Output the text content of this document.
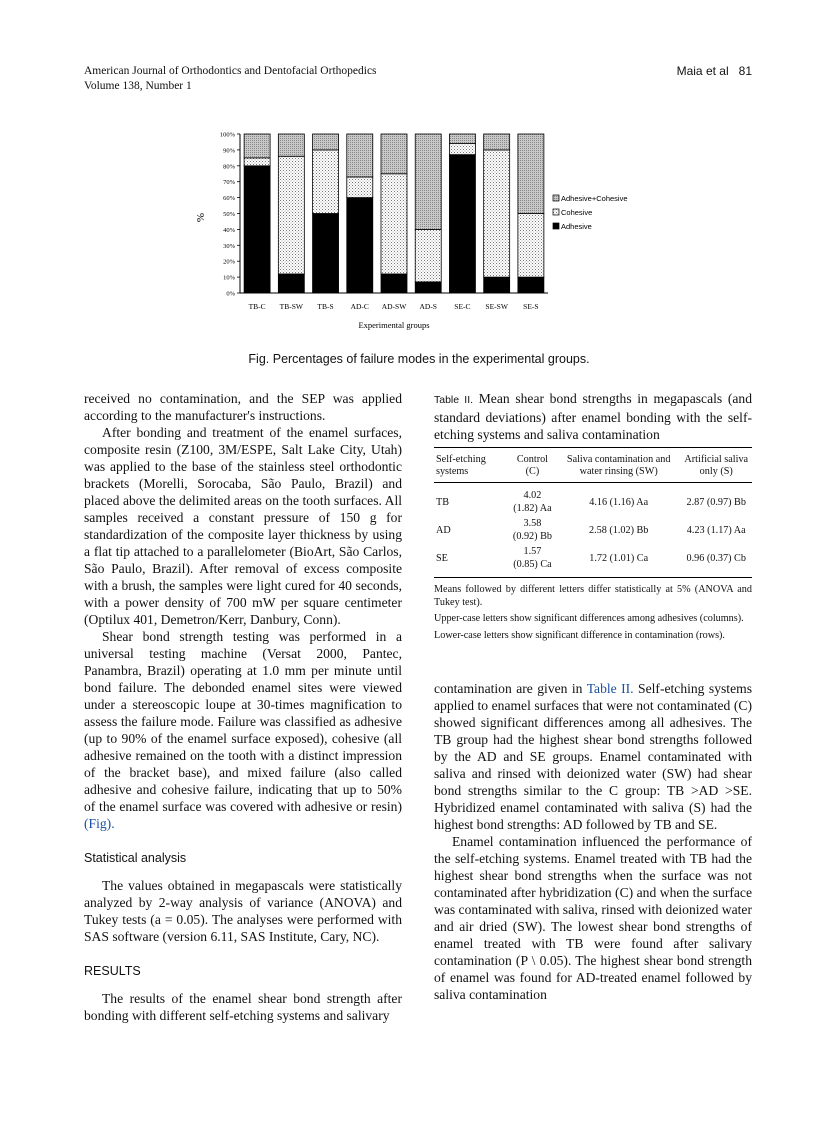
American Journal of Orthodontics and Dentofacial Orthopedics
Volume 138, Number 1
Maia et al 81
0%
10%
20%
30%
40%
50%
60%
70%
80%
90%
100%
%
TB-C TB-SW TB-S AD-C AD-SW AD-S SE-C SE-SW SE-S
Experimental groups
Adhesive+Cohesive
Cohesive
Adhesive
Fig. Percentages of failure modes in the experimental groups.

received no contamination, and the SEP was applied according to the manufacturer's instructions.

After bonding and treatment of the enamel surfaces, composite resin (Z100, 3M/ESPE, Salt Lake City, Utah) was applied to the base of the stainless steel orthodontic brackets (Morelli, Sorocaba, São Paulo, Brazil) and placed above the delimited areas on the tooth surfaces. All samples received a constant pressure of 150 g for standardization of the composite layer thickness by using a flat tip attached to a parallelometer (BioArt, São Carlos, São Paulo, Brazil). After removal of excess composite with a brush, the samples were light cured for 40 seconds, with a power density of 700 mW per square centimeter (Optilux 401, Demetron/Kerr, Danbury, Conn).

Shear bond strength testing was performed in a universal testing machine (Versat 2000, Pantec, Panambra, Brazil) operating at 1.0 mm per minute until bond failure. The debonded enamel sites were viewed under a stereoscopic loupe at 30-times magnification to assess the failure mode. Failure was classified as adhesive (up to 90% of the enamel surface exposed), cohesive (all adhesive remained on the tooth with a distinct impression of the bracket base), and mixed failure (also called adhesive and cohesive failure, indicating that up to 50% of the enamel surface was covered with adhesive or resin) (Fig).

Statistical analysis

The values obtained in megapascals were statistically analyzed by 2-way analysis of variance (ANOVA) and Tukey tests (a = 0.05). The analyses were performed with SAS software (version 6.11, SAS Institute, Cary, NC).

RESULTS

The results of the enamel shear bond strength after bonding with different self-etching systems and salivary

Table II. Mean shear bond strengths in megapascals (and standard deviations) after enamel bonding with the self-etching systems and saliva contamination
Self-etching systems	Control (C)	Saliva contamination and water rinsing (SW)	Artificial saliva only (S)
TB	4.02 (1.82) Aa	4.16 (1.16) Aa	2.87 (0.97) Bb
AD	3.58 (0.92) Bb	2.58 (1.02) Bb	4.23 (1.17) Aa
SE	1.57 (0.85) Ca	1.72 (1.01) Ca	0.96 (0.37) Cb

Means followed by different letters differ statistically at 5% (ANOVA and Tukey test).

Upper-case letters show significant differences among adhesives (columns).

Lower-case letters show significant difference in contamination (rows).

contamination are given in Table II. Self-etching systems applied to enamel surfaces that were not contaminated (C) showed significant differences among all adhesives. The TB group had the highest shear bond strengths followed by the AD and SE groups. Enamel contaminated with saliva and rinsed with deionized water (SW) had shear bond strengths similar to the C group: TB >AD >SE. Hybridized enamel contaminated with saliva (S) had the highest bond strengths: AD followed by TB and SE.

Enamel contamination influenced the performance of the self-etching systems. Enamel treated with TB had the highest shear bond strengths when the surface was not contaminated after hybridization (C) and when the surface was contaminated with saliva, rinsed with deionized water and air dried (SW). The lowest shear bond strengths of enamel treated with TB were found after salivary contamination (P \ 0.05). The highest shear bond strength of enamel was found for AD-treated enamel followed by saliva contamination
